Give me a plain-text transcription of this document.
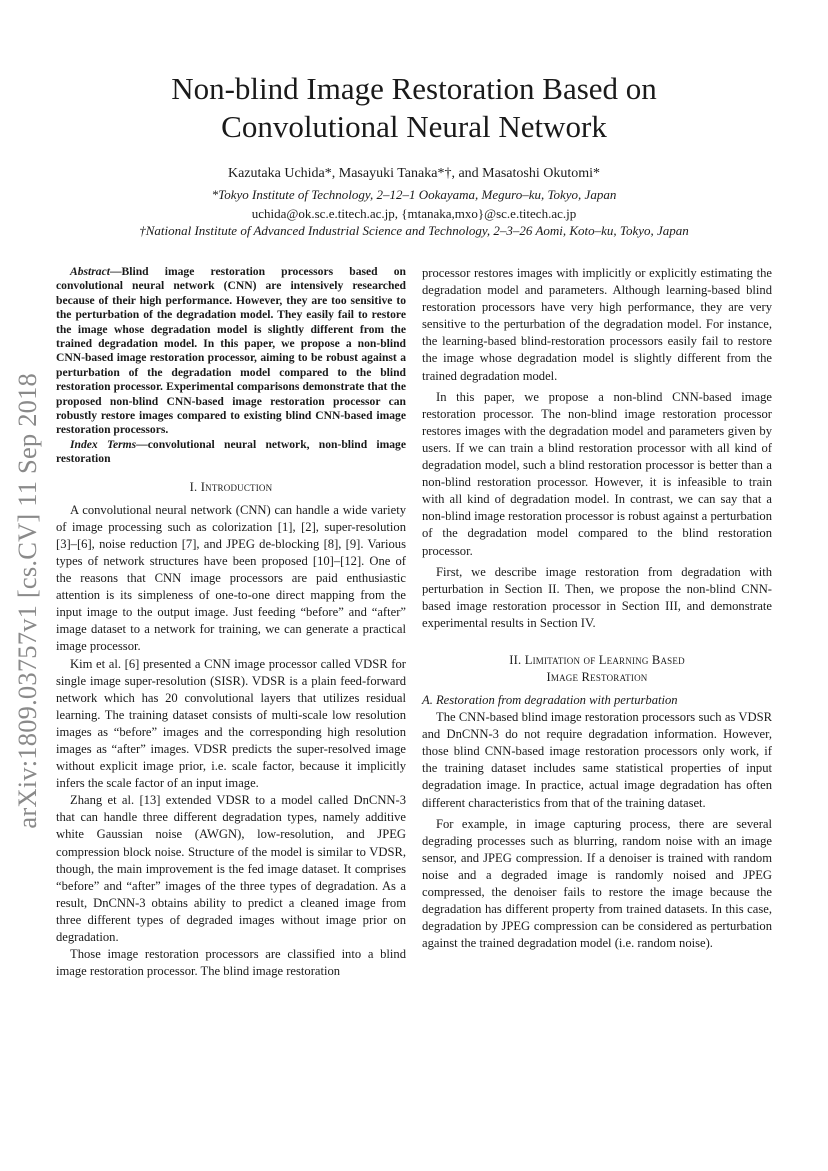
arXiv:1809.03757v1 [cs.CV] 11 Sep 2018
Non-blind Image Restoration Based on
Convolutional Neural Network
Kazutaka Uchida*, Masayuki Tanaka*†, and Masatoshi Okutomi*
*Tokyo Institute of Technology, 2–12–1 Ookayama, Meguro–ku, Tokyo, Japan
uchida@ok.sc.e.titech.ac.jp, {mtanaka,mxo}@sc.e.titech.ac.jp
†National Institute of Advanced Industrial Science and Technology, 2–3–26 Aomi, Koto–ku, Tokyo, Japan

Abstract—Blind image restoration processors based on convolutional neural network (CNN) are intensively researched because of their high performance. However, they are too sensitive to the perturbation of the degradation model. They easily fail to restore the image whose degradation model is slightly different from the trained degradation model. In this paper, we propose a non-blind CNN-based image restoration processor, aiming to be robust against a perturbation of the degradation model compared to the blind restoration processor. Experimental comparisons demonstrate that the proposed non-blind CNN-based image restoration processor can robustly restore images compared to existing blind CNN-based image restoration processors.

Index Terms—convolutional neural network, non-blind image restoration

I. Introduction

A convolutional neural network (CNN) can handle a wide variety of image processing such as colorization [1], [2], super-resolution [3]–[6], noise reduction [7], and JPEG de-blocking [8], [9]. Various types of network structures have been proposed [10]–[12]. One of the reasons that CNN image processors are paid enthusiastic attention is its simpleness of one-to-one direct mapping from the input image to the output image. Just feeding “before” and “after” image dataset to a network for training, we can generate a practical image processor.

Kim et al. [6] presented a CNN image processor called VDSR for single image super-resolution (SISR). VDSR is a plain feed-forward network which has 20 convolutional layers that utilizes residual learning. The training dataset consists of multi-scale low resolution images as “before” images and the corresponding high resolution images as “after” images. VDSR predicts the super-resolved image without explicit image prior, i.e. scale factor, because it implicitly infers the scale factor of an input image.

Zhang et al. [13] extended VDSR to a model called DnCNN-3 that can handle three different degradation types, namely additive white Gaussian noise (AWGN), low-resolution, and JPEG compression block noise. Structure of the model is similar to VDSR, though, the main improvement is the fed image dataset. It comprises “before” and “after” images of the three types of degradation. As a result, DnCNN-3 obtains ability to predict a cleaned image from three different types of degraded images without image prior on degradation.

Those image restoration processors are classified into a blind image restoration processor. The blind image restoration

processor restores images with implicitly or explicitly estimating the degradation model and parameters. Although learning-based blind restoration processors have very high performance, they are very sensitive to the perturbation of the degradation model. For instance, the learning-based blind-restoration processors easily fail to restore the image whose degradation model is slightly different from the trained degradation model.

In this paper, we propose a non-blind CNN-based image restoration processor. The non-blind image restoration processor restores images with the degradation model and parameters given by users. If we can train a blind restoration processor with all kind of degradation model, such a blind restoration processor is better than a non-blind restoration processor. However, it is infeasible to train with all kind of degradation model. In contrast, we can say that a non-blind image restoration processor is robust against a perturbation of the degradation model compared to the blind restoration processor.

First, we describe image restoration from degradation with perturbation in Section II. Then, we propose the non-blind CNN-based image restoration processor in Section III, and demonstrate experimental results in Section IV.

II. Limitation of Learning Based
Image Restoration

A. Restoration from degradation with perturbation

The CNN-based blind image restoration processors such as VDSR and DnCNN-3 do not require degradation information. However, those blind CNN-based image restoration processors only work, if the training dataset includes same statistical properties of input degradation image. In practice, actual image degradation has often different characteristics from that of the training dataset.

For example, in image capturing process, there are several degrading processes such as blurring, random noise with an image sensor, and JPEG compression. If a denoiser is trained with random noise and a degraded image is randomly noised and JPEG compressed, the denoiser fails to restore the image because the degradation has different property from trained datasets. In this case, degradation by JPEG compression can be considered as perturbation against the trained degradation model (i.e. random noise).
